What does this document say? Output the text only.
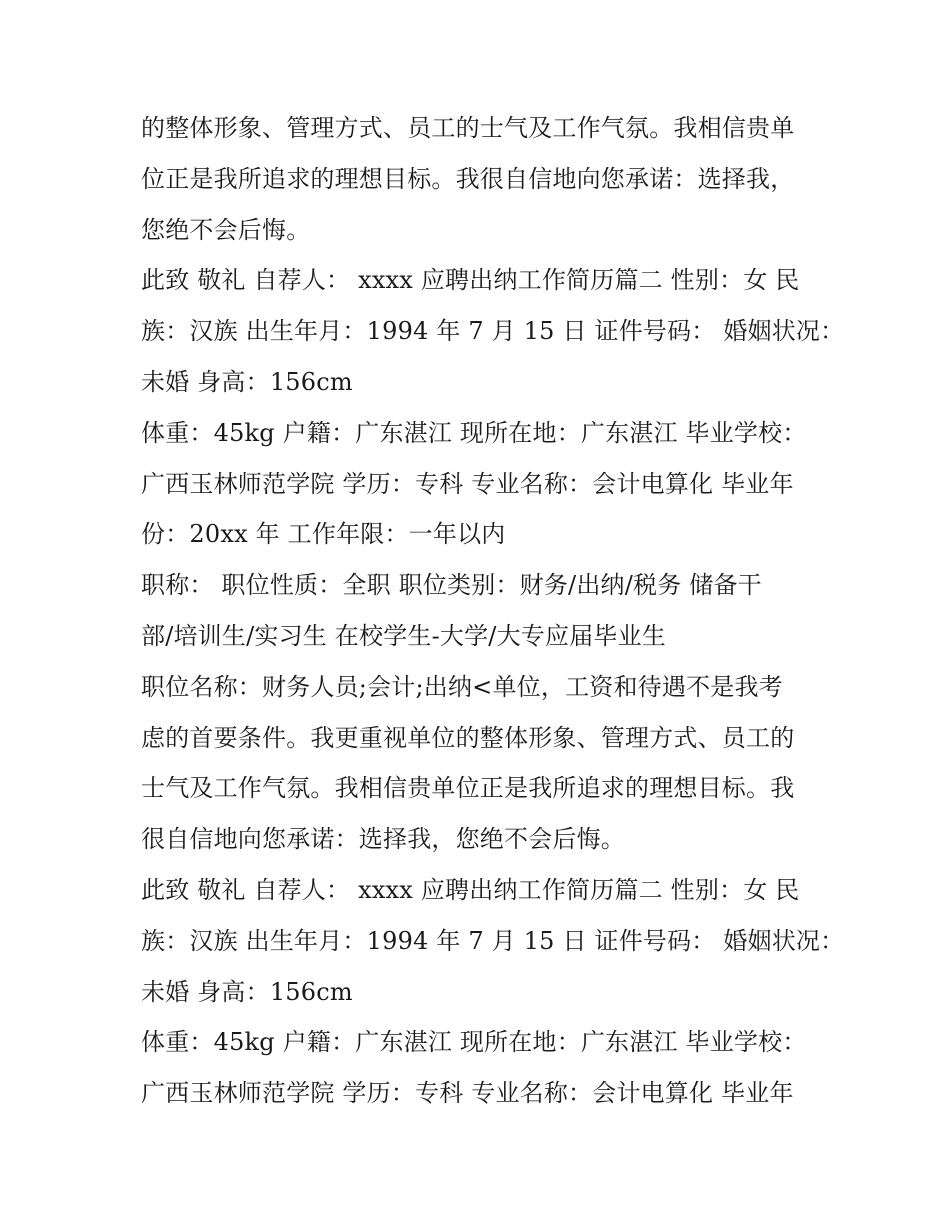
的整体形象、管理方式、员工的士气及工作气氛。我相信贵单
位正是我所追求的理想目标。我很自信地向您承诺：选择我，
您绝不会后悔。
此致 敬礼 自荐人： xxxx 应聘出纳工作简历篇二 性别：女 民
族：汉族 出生年月：1994 年 7 月 15 日 证件号码： 婚姻状况：
未婚 身高：156cm
体重：45kg 户籍：广东湛江 现所在地：广东湛江 毕业学校：
广西玉林师范学院 学历：专科 专业名称：会计电算化 毕业年
份：20xx 年 工作年限：一年以内
职称： 职位性质：全职 职位类别：财务/出纳/税务 储备干
部/培训生/实习生 在校学生-大学/大专应届毕业生
职位名称：财务人员;会计;出纳<单位，工资和待遇不是我考
虑的首要条件。我更重视单位的整体形象、管理方式、员工的
士气及工作气氛。我相信贵单位正是我所追求的理想目标。我
很自信地向您承诺：选择我，您绝不会后悔。
此致 敬礼 自荐人： xxxx 应聘出纳工作简历篇二 性别：女 民
族：汉族 出生年月：1994 年 7 月 15 日 证件号码： 婚姻状况：
未婚 身高：156cm
体重：45kg 户籍：广东湛江 现所在地：广东湛江 毕业学校：
广西玉林师范学院 学历：专科 专业名称：会计电算化 毕业年
